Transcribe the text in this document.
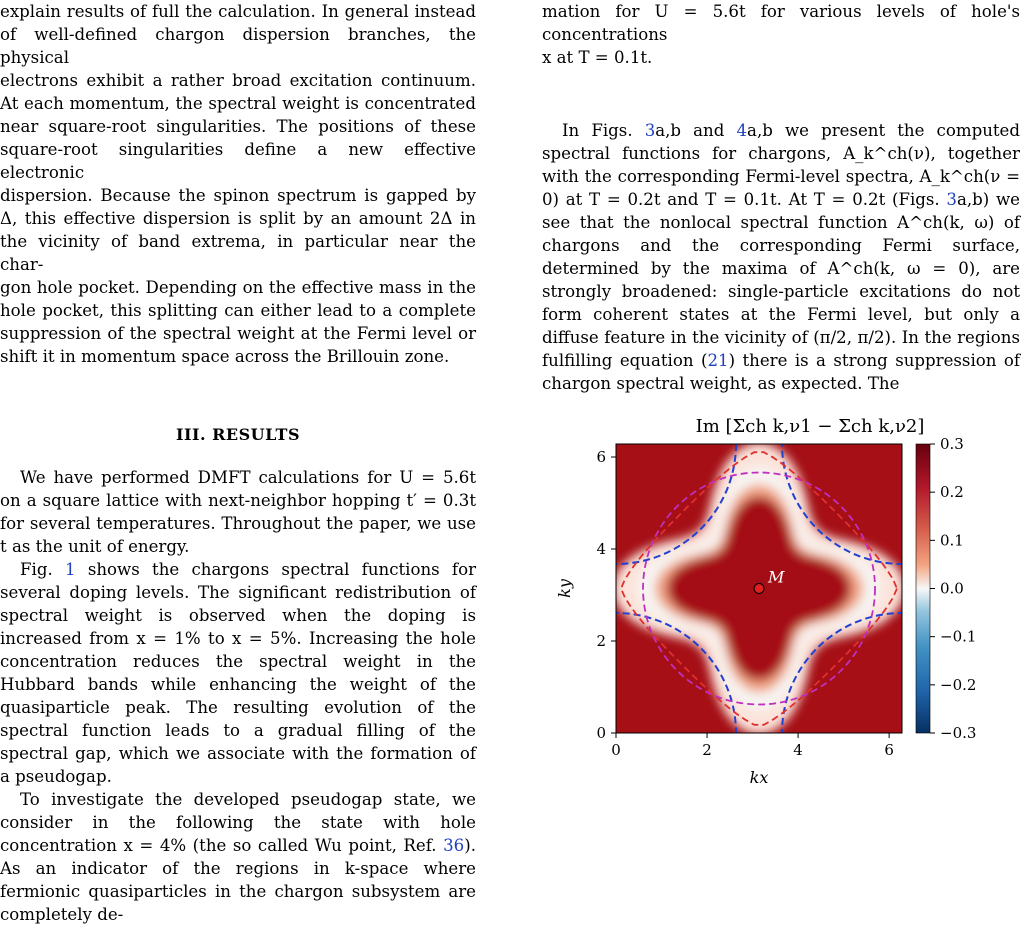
explain results of full the calculation. In general instead
of well-defined chargon dispersion branches, the physical
electrons exhibit a rather broad excitation continuum.
At each momentum, the spectral weight is concentrated
near square-root singularities. The positions of these
square-root singularities define a new effective electronic
dispersion. Because the spinon spectrum is gapped by
Δ, this effective dispersion is split by an amount 2Δ in
the vicinity of band extrema, in particular near the char-
gon hole pocket. Depending on the effective mass in the
hole pocket, this splitting can either lead to a complete
suppression of the spectral weight at the Fermi level or
shift it in momentum space across the Brillouin zone.
III. RESULTS

We have performed DMFT calculations for U = 5.6t on a square lattice with next-neighbor hopping t′ = 0.3t for several temperatures. Throughout the paper, we use t as the unit of energy.

Fig. 1 shows the chargons spectral functions for several doping levels. The significant redistribution of spectral weight is observed when the doping is increased from x = 1% to x = 5%. Increasing the hole concentration reduces the spectral weight in the Hubbard bands while enhancing the weight of the quasiparticle peak. The resulting evolution of the spectral function leads to a gradual filling of the spectral gap, which we associate with the formation of a pseudogap.

To investigate the developed pseudogap state, we consider in the following the state with hole concentration x = 4% (the so called Wu point, Ref. 36). As an indicator of the regions in k-space where fermionic quasiparticles in the chargon subsystem are completely de-

mation for U = 5.6t for various levels of hole's concentrations

x at T = 0.1t.

In Figs. 3a,b and 4a,b we present the computed spectral functions for chargons, A_k^ch(ν), together with the corresponding Fermi-level spectra, A_k^ch(ν = 0) at T = 0.2t and T = 0.1t. At T = 0.2t (Figs. 3a,b) we see that the nonlocal spectral function A^ch(k, ω) of chargons and the corresponding Fermi surface, determined by the maxima of A^ch(k, ω = 0), are strongly broadened: single-particle excitations do not form coherent states at the Fermi level, but only a diffuse feature in the vicinity of (π/2, π/2). In the regions fulfilling equation (21) there is a strong suppression of chargon spectral weight, as expected. The

Im [Σch k,ν1 − Σch k,ν2]
0	2	4	6
0
2
4
6
kx
ky
0.3
0.2
0.1
0.0
−0.1
−0.2
−0.3
M
